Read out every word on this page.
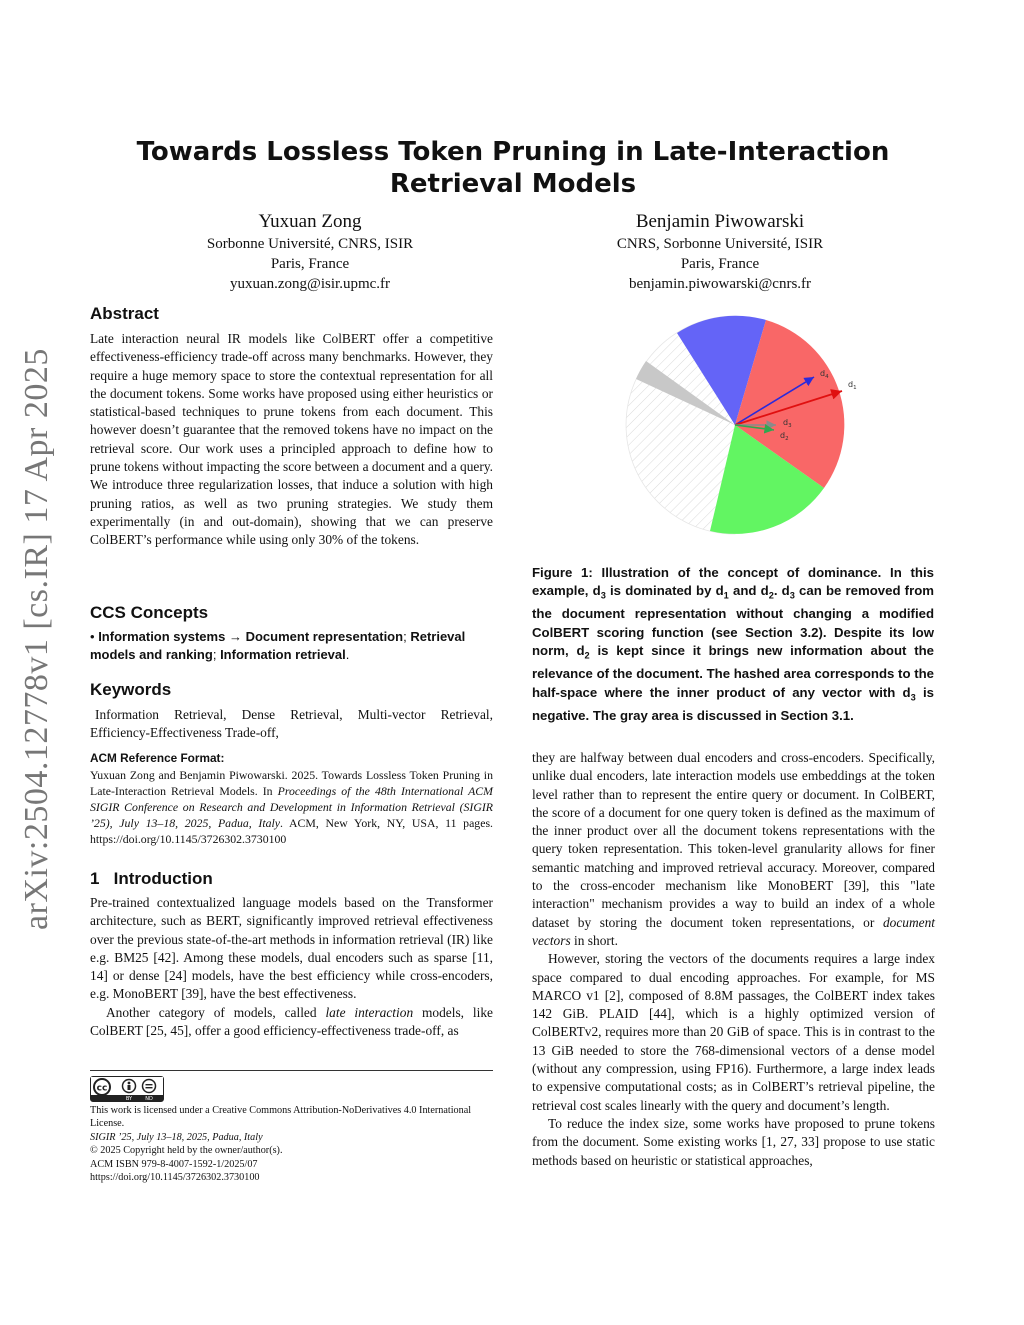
arXiv:2504.12778v1 [cs.IR] 17 Apr 2025
Towards Lossless Token Pruning in Late-Interaction Retrieval Models
Yuxuan Zong
Sorbonne Université, CNRS, ISIR
Paris, France
yuxuan.zong@isir.upmc.fr
Benjamin Piwowarski
CNRS, Sorbonne Université, ISIR
Paris, France
benjamin.piwowarski@cnrs.fr
Abstract

Late interaction neural IR models like ColBERT offer a competitive effectiveness-efficiency trade-off across many benchmarks. However, they require a huge memory space to store the contextual representation for all the document tokens. Some works have proposed using either heuristics or statistical-based techniques to prune tokens from each document. This however doesn’t guarantee that the removed tokens have no impact on the retrieval score. Our work uses a principled approach to define how to prune tokens without impacting the score between a document and a query. We introduce three regularization losses, that induce a solution with high pruning ratios, as well as two pruning strategies. We study them experimentally (in and out-domain), showing that we can preserve ColBERT’s performance while using only 30% of the tokens.

CCS Concepts

• Information systems → Document representation; Retrieval models and ranking; Information retrieval.

Keywords

Information Retrieval, Dense Retrieval, Multi-vector Retrieval, Efficiency-Effectiveness Trade-off,

ACM Reference Format:
Yuxuan Zong and Benjamin Piwowarski. 2025. Towards Lossless Token Pruning in Late-Interaction Retrieval Models. In Proceedings of the 48th International ACM SIGIR Conference on Research and Development in Information Retrieval (SIGIR ’25), July 13–18, 2025, Padua, Italy. ACM, New York, NY, USA, 11 pages. https://doi.org/10.1145/3726302.3730100
1 Introduction

Pre-trained contextualized language models based on the Transformer architecture, such as BERT, significantly improved retrieval effectiveness over the previous state-of-the-art methods in information retrieval (IR) like e.g. BM25 [42]. Among these models, dual encoders such as sparse [11, 14] or dense [24] models, have the best efficiency while cross-encoders, e.g. MonoBERT [39], have the best effectiveness.

Another category of models, called late interaction models, like ColBERT [25, 45], offer a good efficiency-effectiveness trade-off, as

cc
BY	ND
This work is licensed under a Creative Commons Attribution-NoDerivatives 4.0 International License.
SIGIR ’25, July 13–18, 2025, Padua, Italy
© 2025 Copyright held by the owner/author(s).
ACM ISBN 979-8-4007-1592-1/2025/07
https://doi.org/10.1145/3726302.3730100
$d_4$
$d_1$
$d_3$
$d_2$
Figure 1: Illustration of the concept of dominance. In this example, $d_3$ is dominated by $d_1$ and $d_2$. $d_3$ can be removed from the document representation without changing a modified ColBERT scoring function (see Section 3.2). Despite its low norm, $d_2$ is kept since it brings new information about the relevance of the document. The hashed area corresponds to the half-space where the inner product of any vector with $d_3$ is negative. The gray area is discussed in Section 3.1.

they are halfway between dual encoders and cross-encoders. Specifically, unlike dual encoders, late interaction models use embeddings at the token level rather than to represent the entire query or document. In ColBERT, the score of a document for one query token is defined as the maximum of the inner product over all the document tokens representations with the query token representation. This token-level granularity allows for finer semantic matching and improved retrieval accuracy. Moreover, compared to the cross-encoder mechanism like MonoBERT [39], this "late interaction" mechanism provides a way to build an index of a whole dataset by storing the document token representations, or document vectors in short.

However, storing the vectors of the documents requires a large index space compared to dual encoding approaches. For example, for MS MARCO v1 [2], composed of 8.8M passages, the ColBERT index takes 142 GiB. PLAID [44], which is a highly optimized version of ColBERTv2, requires more than 20 GiB of space. This is in contrast to the 13 GiB needed to store the 768-dimensional vectors of a dense model (without any compression, using FP16). Furthermore, a large index leads to expensive computational costs; as in ColBERT’s retrieval pipeline, the retrieval cost scales linearly with the query and document’s length.

To reduce the index size, some works have proposed to prune tokens from the document. Some existing works [1, 27, 33] propose to use static methods based on heuristic or statistical approaches,
